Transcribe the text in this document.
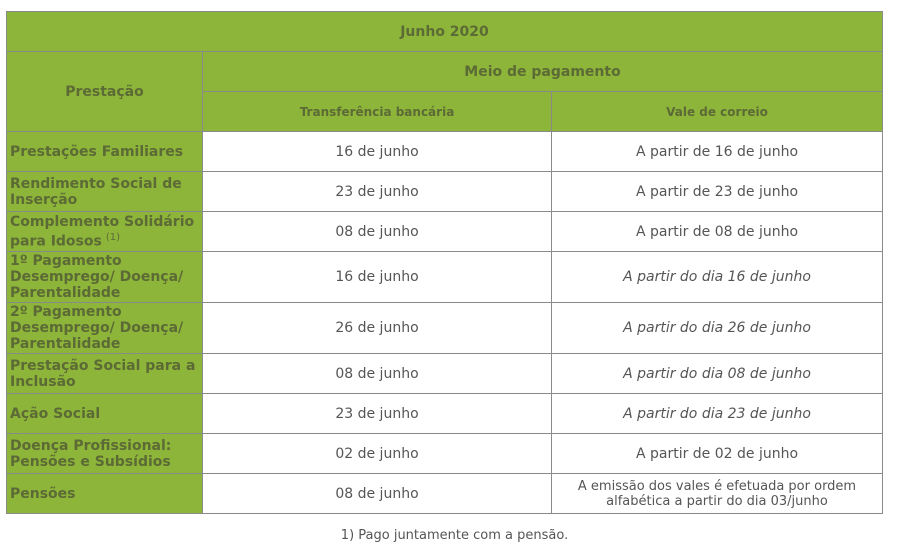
Junho 2020		
Prestação	Meio de pagamento	
	Transferência bancária	Vale de correio
Prestações Familiares	16 de junho	A partir de 16 de junho
Rendimento Social de Inserção	23 de junho	A partir de 23 de junho
Complemento Solidário para Idosos $^{(1)}$	08 de junho	A partir de 08 de junho
1º Pagamento Desemprego/ Doença/ Parentalidade	16 de junho	A partir do dia 16 de junho
2º Pagamento Desemprego/ Doença/ Parentalidade	26 de junho	A partir do dia 26 de junho
Prestação Social para a Inclusão	08 de junho	A partir do dia 08 de junho
Ação Social	23 de junho	A partir do dia 23 de junho
Doença Profissional: Pensões e Subsídios	02 de junho	A partir de 02 de junho
Pensões	08 de junho	A emissão dos vales é efetuada por ordem alfabética a partir do dia 03/junho
1) Pago juntamente com a pensão.
